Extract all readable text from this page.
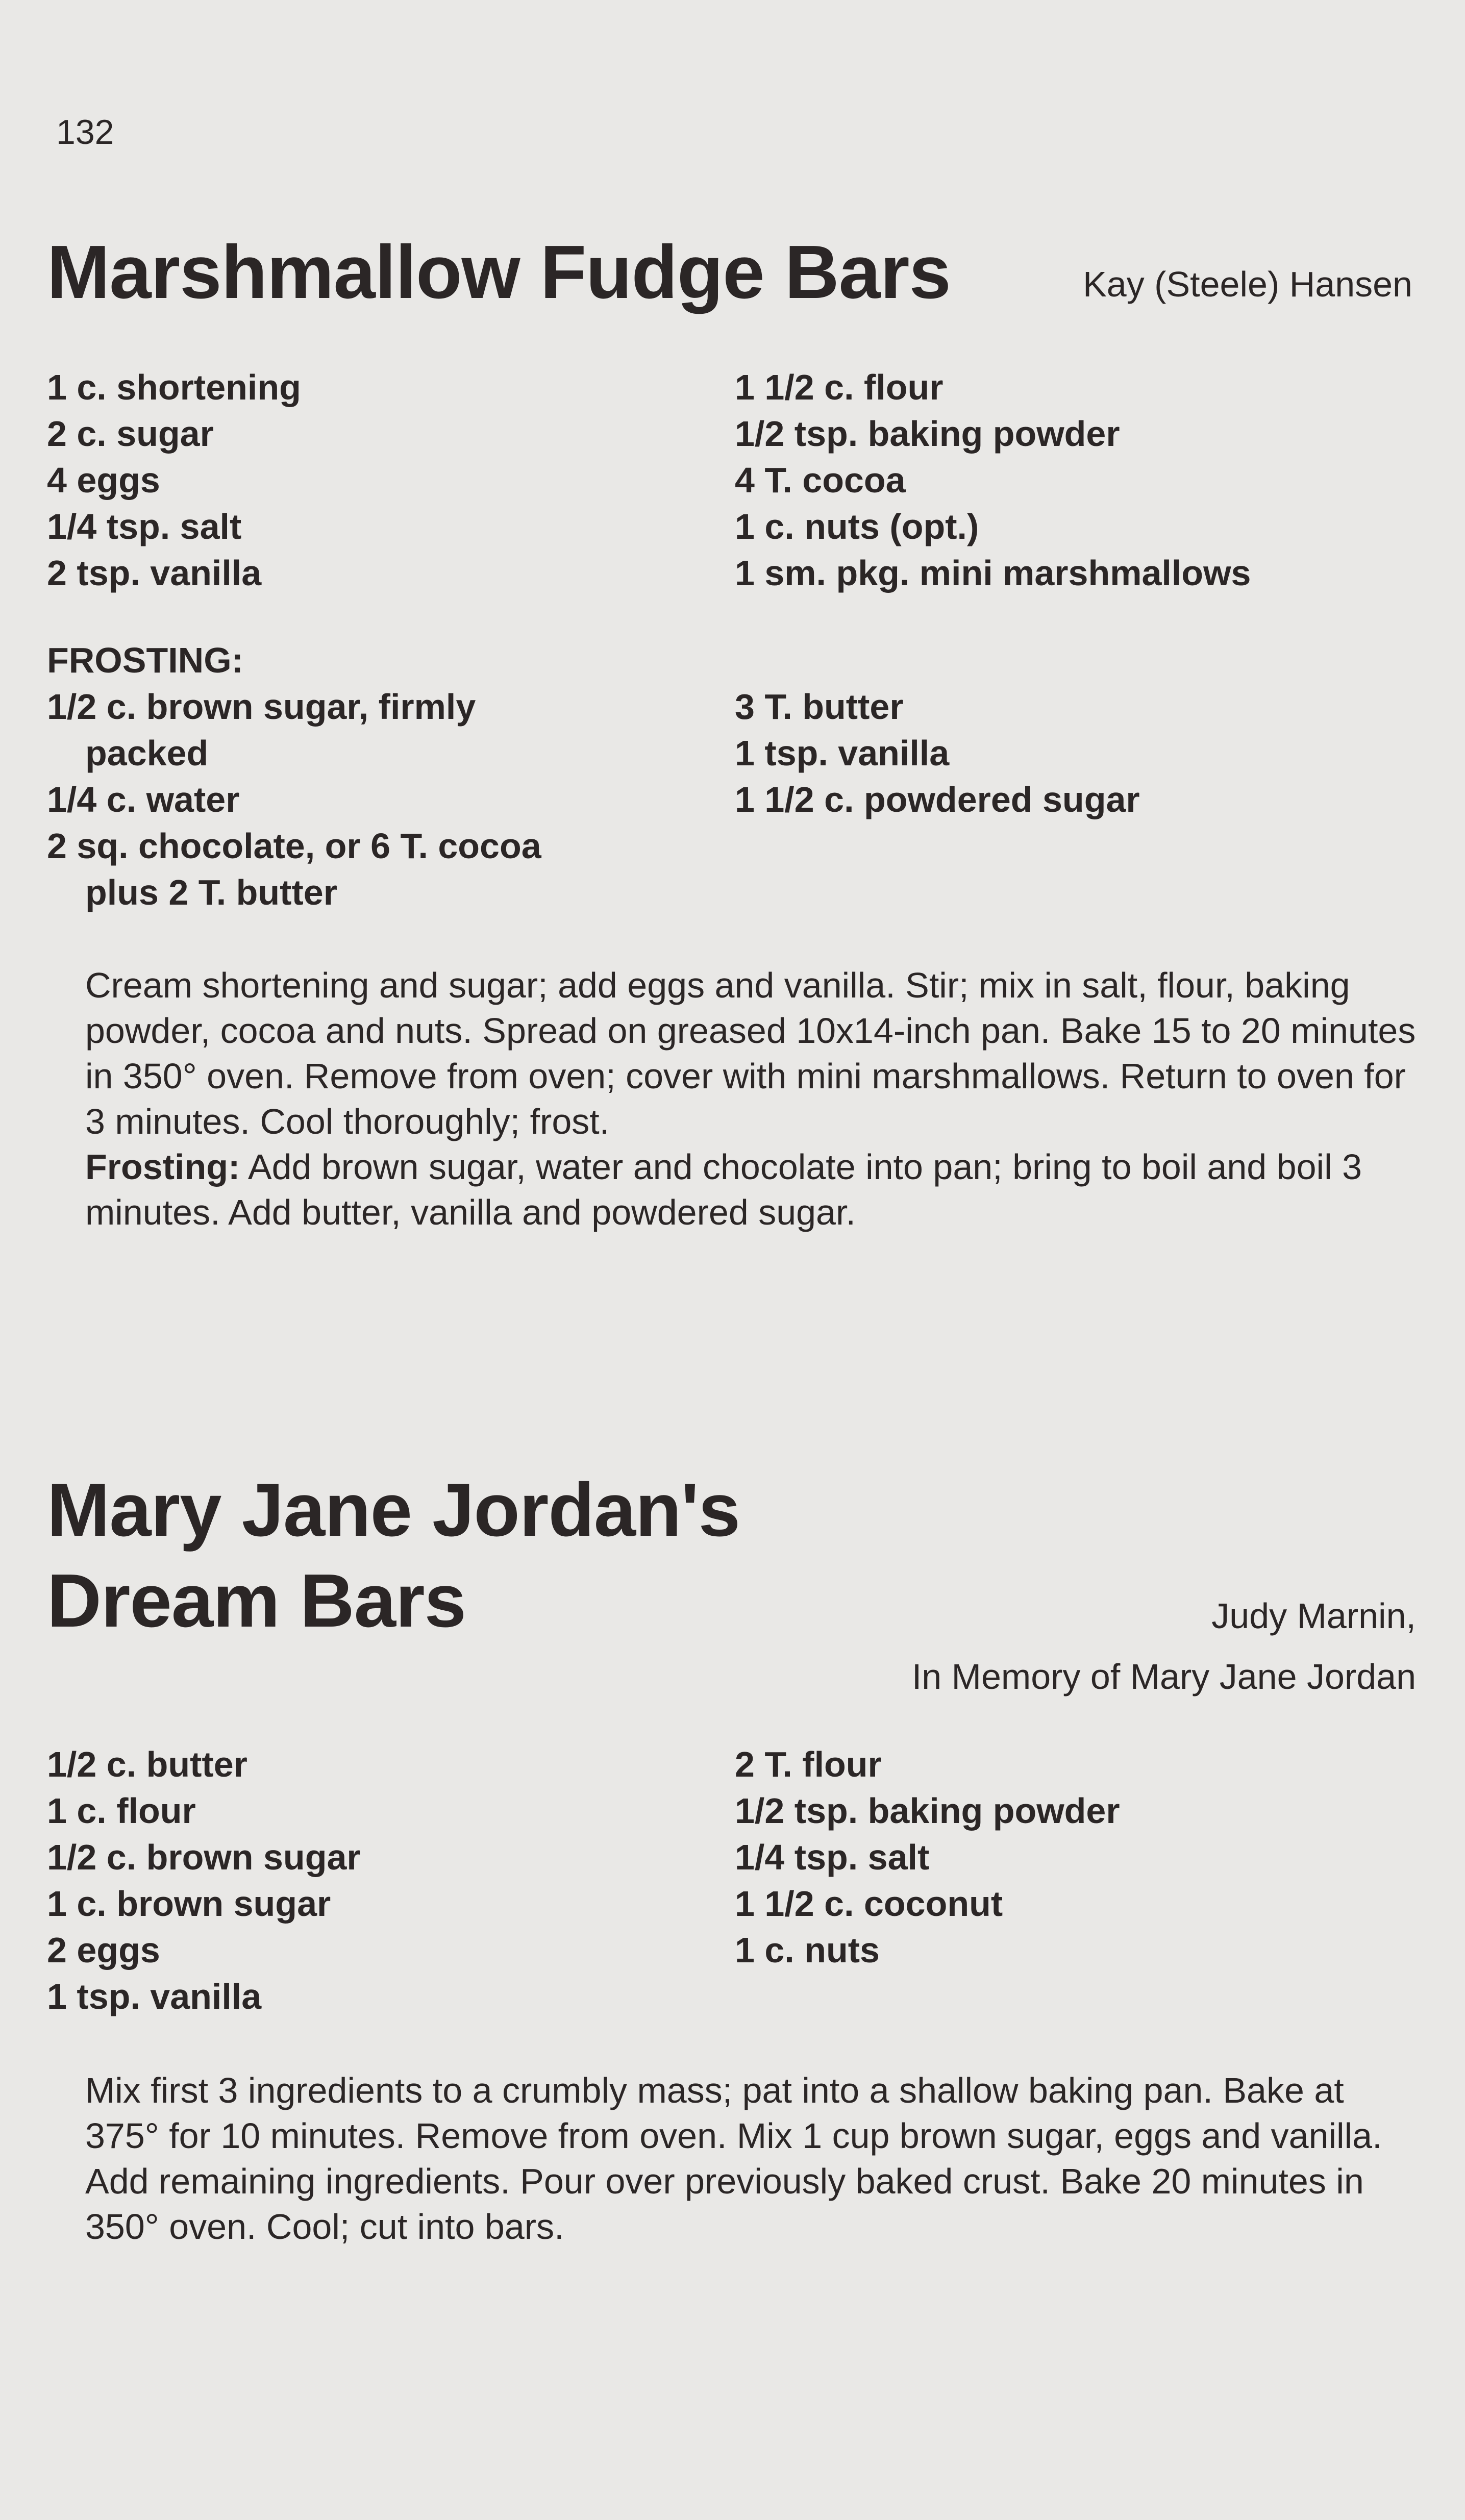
132
Marshmallow Fudge Bars	Kay (Steele) Hansen
1 c. shortening
2 c. sugar
4 eggs
1/4 tsp. salt
2 tsp. vanilla
1 1/2 c. flour
1/2 tsp. baking powder
4 T. cocoa
1 c. nuts (opt.)
1 sm. pkg. mini marshmallows
FROSTING:
1/2 c. brown sugar, firmly
packed
1/4 c. water
2 sq. chocolate, or 6 T. cocoa
plus 2 T. butter
3 T. butter
1 tsp. vanilla
1 1/2 c. powdered sugar
Cream shortening and sugar; add eggs and vanilla. Stir; mix in salt, flour, baking powder, cocoa and nuts. Spread on greased 10x14-inch pan. Bake 15 to 20 minutes in 350° oven. Remove from oven; cover with mini marshmallows. Return to oven for 3 minutes. Cool thoroughly; frost.
Frosting: Add brown sugar, water and chocolate into pan; bring to boil and boil 3 minutes. Add butter, vanilla and powdered sugar.
Mary Jane Jordan's
Dream Bars	Judy Marnin,
In Memory of Mary Jane Jordan
1/2 c. butter
1 c. flour
1/2 c. brown sugar
1 c. brown sugar
2 eggs
1 tsp. vanilla
2 T. flour
1/2 tsp. baking powder
1/4 tsp. salt
1 1/2 c. coconut
1 c. nuts
Mix first 3 ingredients to a crumbly mass; pat into a shallow baking pan. Bake at 375° for 10 minutes. Remove from oven. Mix 1 cup brown sugar, eggs and vanilla. Add remaining ingredients. Pour over previously baked crust. Bake 20 minutes in 350° oven. Cool; cut into bars.
